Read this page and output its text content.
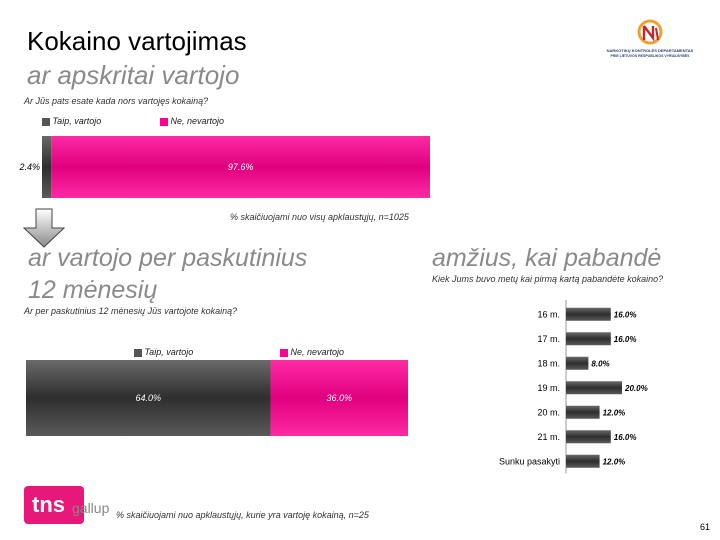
Kokaino vartojimas
ar apskritai vartojo
Ar Jūs pats esate kada nors vartojęs kokainą?
NARKOTIKŲ KONTROLĖS DEPARTAMENTAS
PRIE LIETUVOS RESPUBLIKOS VYRIAUSYBĖS
Taip, vartojo	Ne, nevartojo
2.4%	97.6%
% skaičiuojami nuo visų apklaustųjų, n=1025
ar vartojo per paskutinius
12 mėnesių
Ar per paskutinius 12 mėnesių Jūs vartojote kokainą?
Taip, vartojo	Ne, nevartojo
64.0%	36.0%
amžius, kai pabandė
Kiek Jums buvo metų kai pirmą kartą pabandėte kokaino?
16 m.	16.0%
17 m.	16.0%
18 m.	8.0%
19 m.	20.0%
20 m.	12.0%
21 m.	16.0%
Sunku pasakyti	12.0%
tns gallup % skaičiuojami nuo apklaustųjų, kurie yra vartoję kokainą, n=25
61
